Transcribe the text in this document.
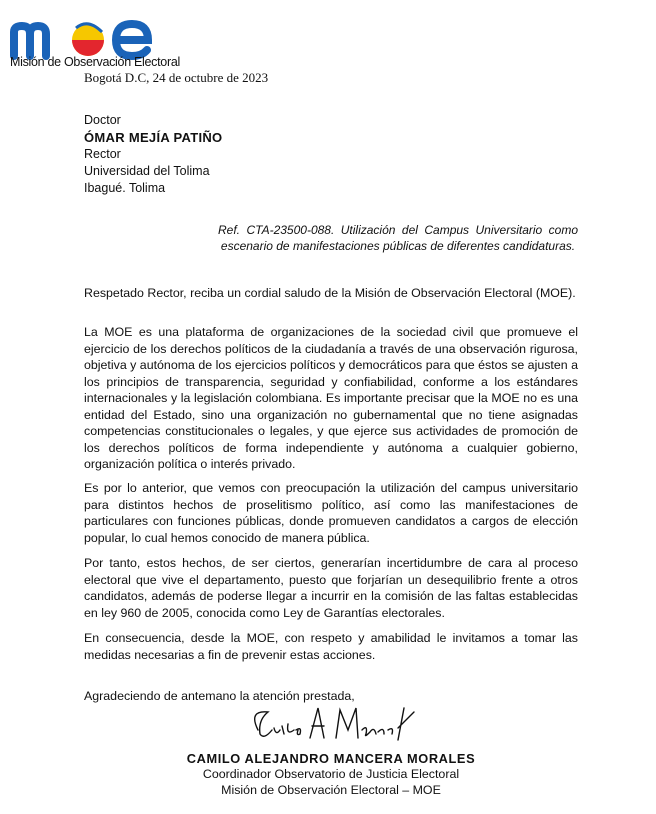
moe
Misión de Observación Electoral
Bogotá D.C, 24 de octubre de 2023
Doctor
ÓMAR MEJÍA PATIÑO
Rector
Universidad del Tolima
Ibagué. Tolima
Ref. CTA-23500-088. Utilización del Campus Universitario como escenario de manifestaciones públicas de diferentes candidaturas.
Respetado Rector, reciba un cordial saludo de la Misión de Observación Electoral (MOE).
La MOE es una plataforma de organizaciones de la sociedad civil que promueve el ejercicio de los derechos políticos de la ciudadanía a través de una observación rigurosa, objetiva y autónoma de los ejercicios políticos y democráticos para que éstos se ajusten a los principios de transparencia, seguridad y confiabilidad, conforme a los estándares internacionales y la legislación colombiana. Es importante precisar que la MOE no es una entidad del Estado, sino una organización no gubernamental que no tiene asignadas competencias constitucionales o legales, y que ejerce sus actividades de promoción de los derechos políticos de forma independiente y autónoma a cualquier gobierno, organización política o interés privado.
Es por lo anterior, que vemos con preocupación la utilización del campus universitario para distintos hechos de proselitismo político, así como las manifestaciones de particulares con funciones públicas, donde promueven candidatos a cargos de elección popular, lo cual hemos conocido de manera pública.
Por tanto, estos hechos, de ser ciertos, generarían incertidumbre de cara al proceso electoral que vive el departamento, puesto que forjarían un desequilibrio frente a otros candidatos, además de poderse llegar a incurrir en la comisión de las faltas establecidas en ley 960 de 2005, conocida como Ley de Garantías electorales.
En consecuencia, desde la MOE, con respeto y amabilidad le invitamos a tomar las medidas necesarias a fin de prevenir estas acciones.
Agradeciendo de antemano la atención prestada,
CAMILO ALEJANDRO MANCERA MORALES
Coordinador Observatorio de Justicia Electoral
Misión de Observación Electoral – MOE
